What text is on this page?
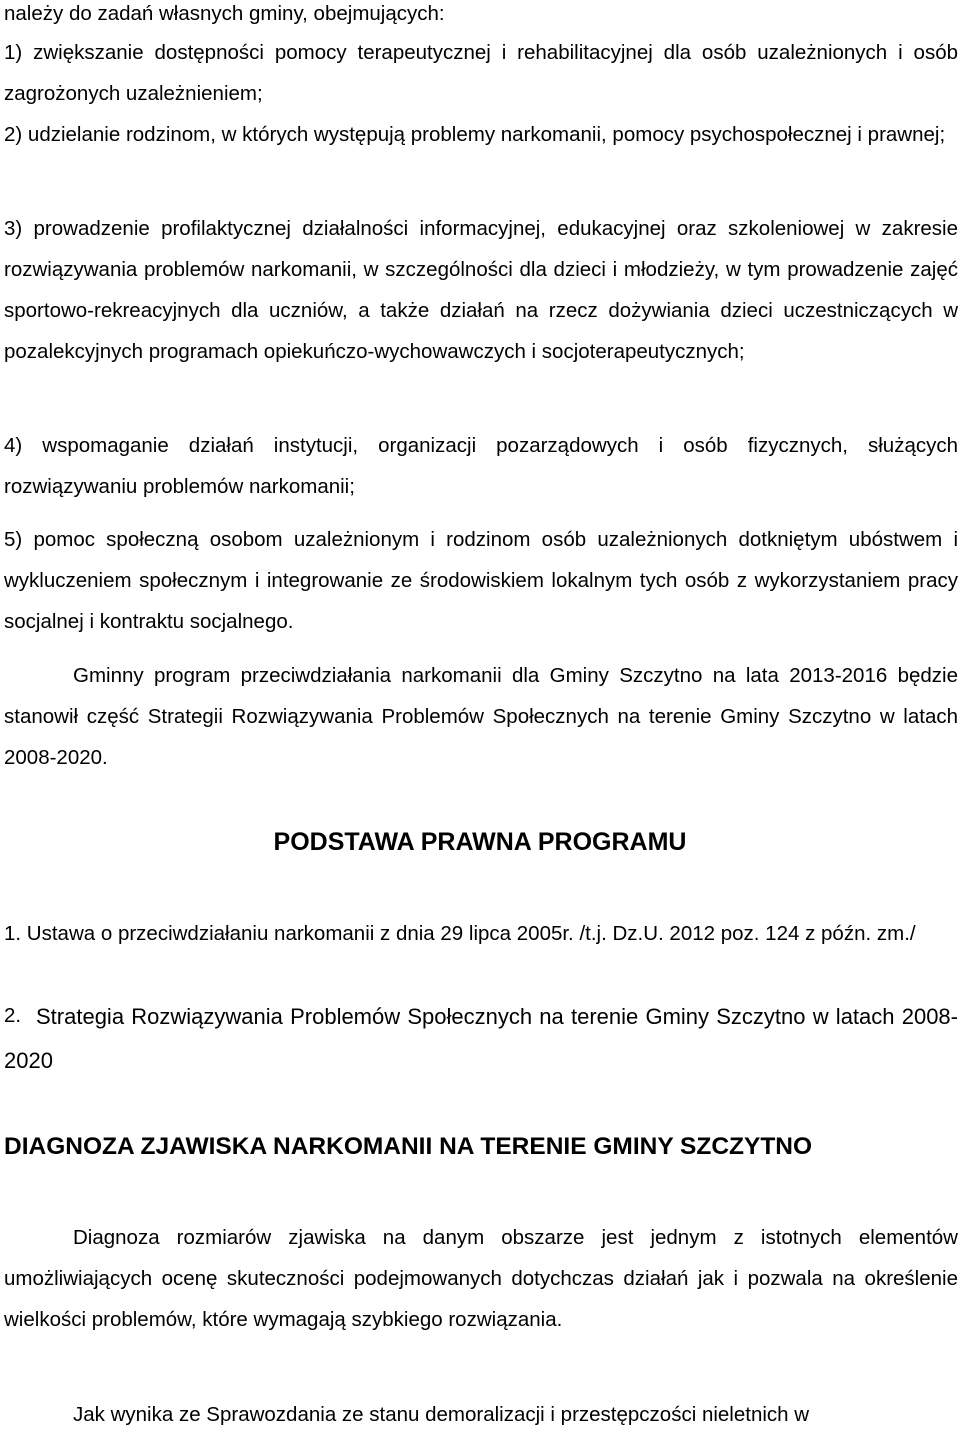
należy do zadań własnych gminy, obejmujących:

1) zwiększanie dostępności pomocy terapeutycznej i rehabilitacyjnej dla osób uzależnionych i osób zagrożonych uzależnieniem;

2) udzielanie rodzinom, w których występują problemy narkomanii, pomocy psychospołecznej i prawnej;

3) prowadzenie profilaktycznej działalności informacyjnej, edukacyjnej oraz szkoleniowej w zakresie rozwiązywania problemów narkomanii, w szczególności dla dzieci i młodzieży, w tym prowadzenie zajęć sportowo-rekreacyjnych dla uczniów, a także działań na rzecz dożywiania dzieci uczestniczących w pozalekcyjnych programach opiekuńczo-wychowawczych i socjoterapeutycznych;

4) wspomaganie działań instytucji, organizacji pozarządowych i osób fizycznych, służących rozwiązywaniu problemów narkomanii;

5) pomoc społeczną osobom uzależnionym i rodzinom osób uzależnionych dotkniętym ubóstwem i wykluczeniem społecznym i integrowanie ze środowiskiem lokalnym tych osób z wykorzystaniem pracy socjalnej i kontraktu socjalnego.

Gminny program przeciwdziałania narkomanii dla Gminy Szczytno na lata 2013-2016 będzie stanowił część Strategii Rozwiązywania Problemów Społecznych na terenie Gminy Szczytno w latach 2008-2020.

PODSTAWA PRAWNA PROGRAMU

1. Ustawa o przeciwdziałaniu narkomanii z dnia 29 lipca 2005r. /t.j. Dz.U. 2012 poz. 124 z późn. zm./

2. Strategia Rozwiązywania Problemów Społecznych na terenie Gminy Szczytno w latach 2008-2020

DIAGNOZA ZJAWISKA NARKOMANII NA TERENIE GMINY SZCZYTNO

Diagnoza rozmiarów zjawiska na danym obszarze jest jednym z istotnych elementów umożliwiających ocenę skuteczności podejmowanych dotychczas działań jak i pozwala na określenie wielkości problemów, które wymagają szybkiego rozwiązania.

Jak wynika ze Sprawozdania ze stanu demoralizacji i przestępczości nieletnich w
